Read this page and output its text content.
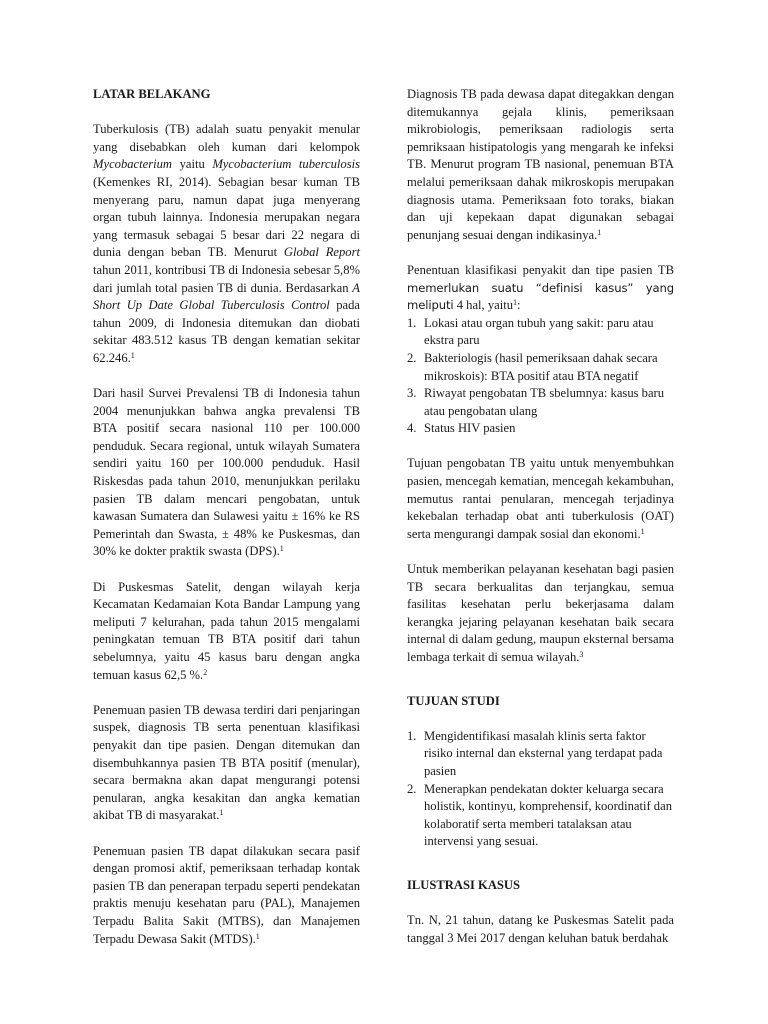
LATAR BELAKANG

Tuberkulosis (TB) adalah suatu penyakit menular yang disebabkan oleh kuman dari kelompok Mycobacterium yaitu Mycobacterium tuberculosis (Kemenkes RI, 2014). Sebagian besar kuman TB menyerang paru, namun dapat juga menyerang organ tubuh lainnya. Indonesia merupakan negara yang termasuk sebagai 5 besar dari 22 negara di dunia dengan beban TB. Menurut Global Report tahun 2011, kontribusi TB di Indonesia sebesar 5,8% dari jumlah total pasien TB di dunia. Berdasarkan A Short Up Date Global Tuberculosis Control pada tahun 2009, di Indonesia ditemukan dan diobati sekitar 483.512 kasus TB dengan kematian sekitar 62.246.$^1$

Dari hasil Survei Prevalensi TB di Indonesia tahun 2004 menunjukkan bahwa angka prevalensi TB BTA positif secara nasional 110 per 100.000 penduduk. Secara regional, untuk wilayah Sumatera sendiri yaitu 160 per 100.000 penduduk. Hasil Riskesdas pada tahun 2010, menunjukkan perilaku pasien TB dalam mencari pengobatan, untuk kawasan Sumatera dan Sulawesi yaitu ± 16% ke RS Pemerintah dan Swasta, ± 48% ke Puskesmas, dan 30% ke dokter praktik swasta (DPS).$^1$

Di Puskesmas Satelit, dengan wilayah kerja Kecamatan Kedamaian Kota Bandar Lampung yang meliputi 7 kelurahan, pada tahun 2015 mengalami peningkatan temuan TB BTA positif dari tahun sebelumnya, yaitu 45 kasus baru dengan angka temuan kasus 62,5 %.$^2$

Penemuan pasien TB dewasa terdiri dari penjaringan suspek, diagnosis TB serta penentuan klasifikasi penyakit dan tipe pasien. Dengan ditemukan dan disembuhkannya pasien TB BTA positif (menular), secara bermakna akan dapat mengurangi potensi penularan, angka kesakitan dan angka kematian akibat TB di masyarakat.$^1$

Penemuan pasien TB dapat dilakukan secara pasif dengan promosi aktif, pemeriksaan terhadap kontak pasien TB dan penerapan terpadu seperti pendekatan praktis menuju kesehatan paru (PAL), Manajemen Terpadu Balita Sakit (MTBS), dan Manajemen Terpadu Dewasa Sakit (MTDS).$^1$

Diagnosis TB pada dewasa dapat ditegakkan dengan ditemukannya gejala klinis, pemeriksaan mikrobiologis, pemeriksaan radiologis serta pemriksaan histipatologis yang mengarah ke infeksi TB. Menurut program TB nasional, penemuan BTA melalui pemeriksaan dahak mikroskopis merupakan diagnosis utama. Pemeriksaan foto toraks, biakan dan uji kepekaan dapat digunakan sebagai penunjang sesuai dengan indikasinya.$^1$

Penentuan klasifikasi penyakit dan tipe pasien TB memerlukan suatu “definisi kasus” yang meliputi 4 hal, yaitu$^1$:
1. Lokasi atau organ tubuh yang sakit: paru atau ekstra paru
2. Bakteriologis (hasil pemeriksaan dahak secara mikroskois): BTA positif atau BTA negatif
3. Riwayat pengobatan TB sbelumnya: kasus baru atau pengobatan ulang
4. Status HIV pasien

Tujuan pengobatan TB yaitu untuk menyembuhkan pasien, mencegah kematian, mencegah kekambuhan, memutus rantai penularan, mencegah terjadinya kekebalan terhadap obat anti tuberkulosis (OAT) serta mengurangi dampak sosial dan ekonomi.$^1$

Untuk memberikan pelayanan kesehatan bagi pasien TB secara berkualitas dan terjangkau, semua fasilitas kesehatan perlu bekerjasama dalam kerangka jejaring pelayanan kesehatan baik secara internal di dalam gedung, maupun eksternal bersama lembaga terkait di semua wilayah.$^3$

TUJUAN STUDI
1. Mengidentifikasi masalah klinis serta faktor risiko internal dan eksternal yang terdapat pada pasien
2. Menerapkan pendekatan dokter keluarga secara holistik, kontinyu, komprehensif, koordinatif dan kolaboratif serta memberi tatalaksan atau intervensi yang sesuai.
ILUSTRASI KASUS

Tn. N, 21 tahun, datang ke Puskesmas Satelit pada tanggal 3 Mei 2017 dengan keluhan batuk berdahak
